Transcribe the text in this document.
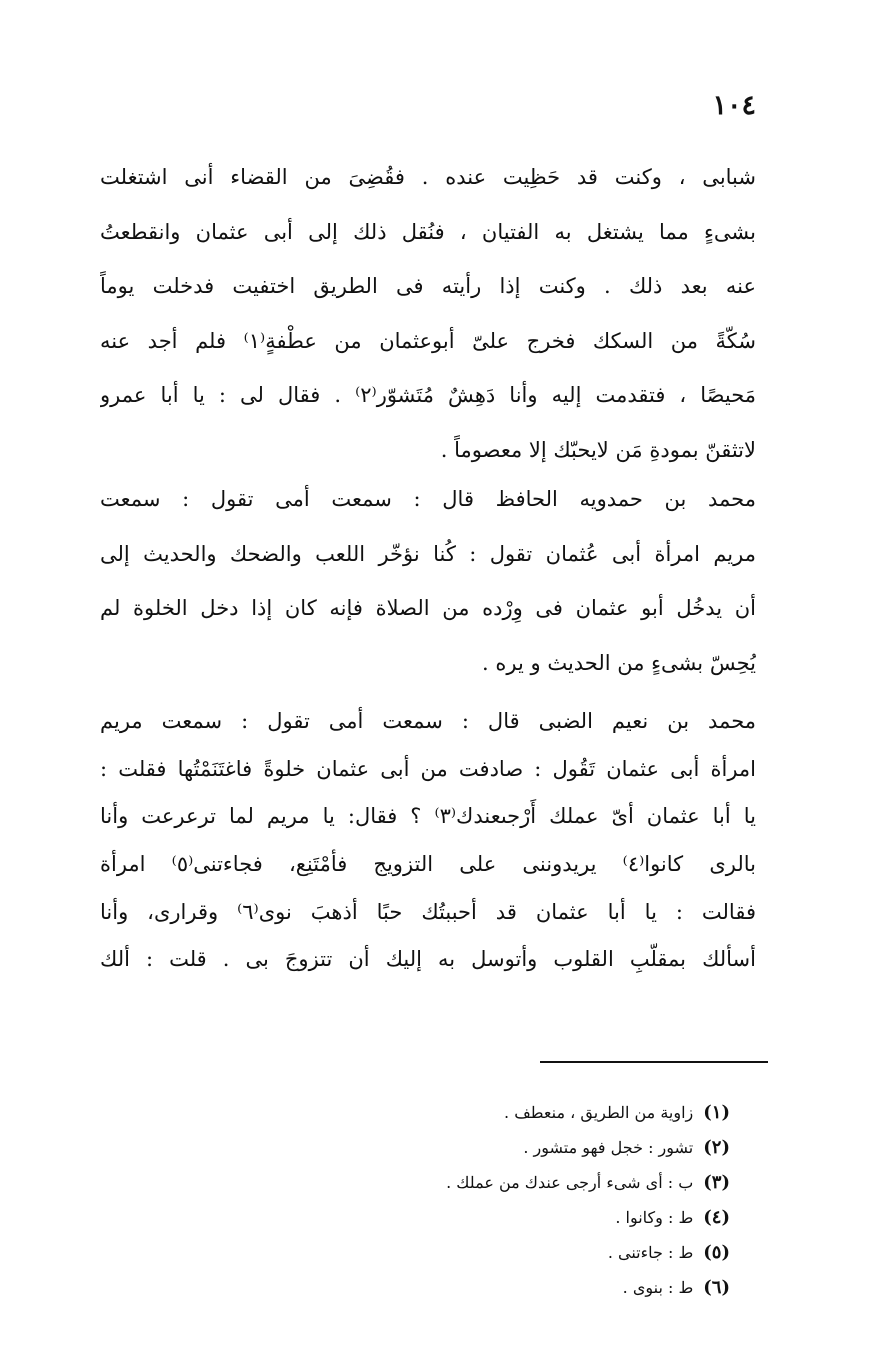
١٠٤
شبابى ، وكنت قد حَظِيت عنده . فقُضِىَ من القضاء أنى اشتغلت
بشىءٍ مما يشتغل به الفتيان ، فنُقل ذلك إلى أبى عثمان وانقطعتُ
عنه بعد ذلك . وكنت إذا رأيته فى الطريق اختفيت فدخلت يوماً
سُكّةً من السكك فخرج علىّ أبوعثمان من عطْفةٍ⁽١⁾ فلم أجد عنه
مَحيصًا ، فتقدمت إليه وأنا دَهِشٌ مُتَشوّر⁽٢⁾ . فقال لى : يا أبا عمرو
لاتثقنّ بمودةِ مَن لايحبّك إلا معصوماً .
محمد بن حمدويه الحافظ قال : سمعت أمى تقول : سمعت
مريم امرأة أبى عُثمان تقول : كُنا نؤخّر اللعب والضحك والحديث إلى
أن يدخُل أبو عثمان فى وِرْده من الصلاة فإنه كان إذا دخل الخلوة لم
يُحِسّ بشىءٍ من الحديث و يره .
محمد بن نعيم الضبى قال : سمعت أمى تقول : سمعت مريم
امرأة أبى عثمان تَقُول : صادفت من أبى عثمان خلوةً فاغتَنَمْتُها فقلت :
يا أبا عثمان أىّ عملك أَرْجىعندك⁽٣⁾ ؟ فقال: يا مريم لما ترعرعت وأنا
بالرى كانوا⁽٤⁾ يريدوننى على التزويج فأمْتَنِع، فجاءتنى⁽٥⁾ امرأة
فقالت : يا أبا عثمان قد أحببتُك حبًا أذهبَ نوى⁽٦⁾ وقرارى، وأنا
أسألك بمقلّبِ القلوب وأتوسل به إليك أن تتزوجَ بى . قلت : ألك
(١)زاوية من الطريق ، منعطف .
(٢)تشور : خجل فهو متشور .
(٣)ب : أى شىء أرجى عندك من عملك .
(٤)ط : وكانوا .
(٥)ط : جاءتنى .
(٦)ط : بنوى .
